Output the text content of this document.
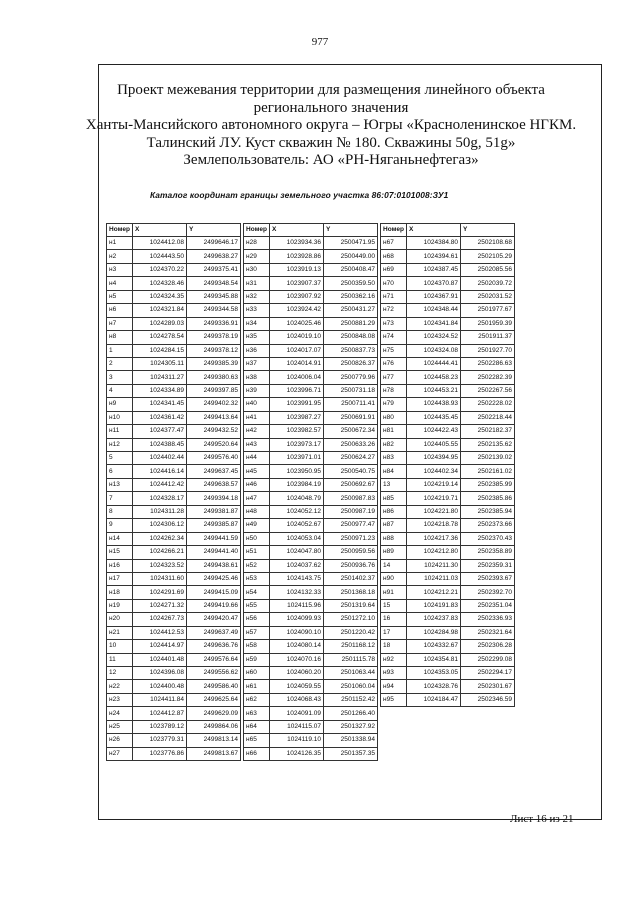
977
Проект межевания территории для размещения линейного объекта
регионального значения
Ханты-Мансийского автономного округа – Югры «Красноленинское НГКМ.
Талинский ЛУ. Куст скважин № 180. Скважины 50g, 51g»
Землепользователь: АО «РН-Няганьнефтегаз»
Каталог координат границы земельного участка 86:07:0101008:ЗУ1
Номер	X	Y
н1	1024412.08	2499646.17
н2	1024443.50	2499638.27
н3	1024370.22	2499375.41
н4	1024328.46	2499348.54
н5	1024324.35	2499345.88
н6	1024321.84	2499344.58
н7	1024289.03	2499336.91
н8	1024278.54	2499378.19
1	1024284.15	2499378.12
2	1024305.11	2499385.39
3	1024311.27	2499380.63
4	1024334.89	2499397.85
н9	1024341.45	2499402.32
н10	1024361.42	2499413.64
н11	1024377.47	2499432.52
н12	1024388.45	2499520.64
5	1024402.44	2499576.40
6	1024416.14	2499637.45
н13	1024412.42	2499638.57
7	1024328.17	2499394.18
8	1024311.28	2499381.87
9	1024306.12	2499385.87
н14	1024262.34	2499441.59
н15	1024266.21	2499441.40
н16	1024323.52	2499438.61
н17	1024311.60	2499425.46
н18	1024291.69	2499415.09
н19	1024271.32	2499419.66
н20	1024267.73	2499420.47
н21	1024412.53	2499637.49
10	1024414.97	2499636.76
11	1024401.48	2499576.64
12	1024396.08	2499556.62
н22	1024400.48	2499586.40
н23	1024411.84	2499625.64
н24	1024412.87	2499629.09
н25	1023789.12	2499864.06
н26	1023779.31	2499813.14
н27	1023776.86	2499813.67
Номер	X	Y
н28	1023934.36	2500471.95
н29	1023928.86	2500449.00
н30	1023919.13	2500408.47
н31	1023907.37	2500359.50
н32	1023907.92	2500362.16
н33	1023924.42	2500431.27
н34	1024025.46	2500881.29
н35	1024019.10	2500848.08
н36	1024017.07	2500837.73
н37	1024014.91	2500826.37
н38	1024006.04	2500779.96
н39	1023996.71	2500731.18
н40	1023991.95	2500711.41
н41	1023987.27	2500691.91
н42	1023982.57	2500672.34
н43	1023973.17	2500633.26
н44	1023971.01	2500624.27
н45	1023950.95	2500540.75
н46	1023984.19	2500692.67
н47	1024048.79	2500987.83
н48	1024052.12	2500987.19
н49	1024052.67	2500977.47
н50	1024053.04	2500971.23
н51	1024047.80	2500959.56
н52	1024037.62	2500936.76
н53	1024143.75	2501402.37
н54	1024132.33	2501368.18
н55	1024115.96	2501319.64
н56	1024099.93	2501272.10
н57	1024090.10	2501220.42
н58	1024080.14	2501168.12
н59	1024070.16	2501115.78
н60	1024060.20	2501063.44
н61	1024059.55	2501060.04
н62	1024068.43	2501152.42
н63	1024091.09	2501266.40
н64	1024115.07	2501327.92
н65	1024119.10	2501338.94
н66	1024126.35	2501357.35
Номер	X	Y
н67	1024384.80	2502108.68
н68	1024394.61	2502105.29
н69	1024387.45	2502085.56
н70	1024370.87	2502039.72
н71	1024367.91	2502031.52
н72	1024348.44	2501977.67
н73	1024341.84	2501959.39
н74	1024324.52	2501911.37
н75	1024324.08	2501927.70
н76	1024444.41	2502286.63
н77	1024458.23	2502282.39
н78	1024453.21	2502267.56
н79	1024438.93	2502228.02
н80	1024435.45	2502218.44
н81	1024422.43	2502182.37
н82	1024405.55	2502135.62
н83	1024394.95	2502139.02
н84	1024402.34	2502161.02
13	1024219.14	2502385.99
н85	1024219.71	2502385.86
н86	1024221.80	2502385.94
н87	1024218.78	2502373.66
н88	1024217.36	2502370.43
н89	1024212.80	2502358.89
14	1024211.30	2502359.31
н90	1024211.03	2502393.67
н91	1024212.21	2502392.70
15	1024191.83	2502351.04
16	1024237.83	2502336.93
17	1024284.98	2502321.64
18	1024332.67	2502306.28
н92	1024354.81	2502299.08
н93	1024353.05	2502294.17
н94	1024328.76	2502301.67
н95	1024184.47	2502346.59
Лист 16 из 21
